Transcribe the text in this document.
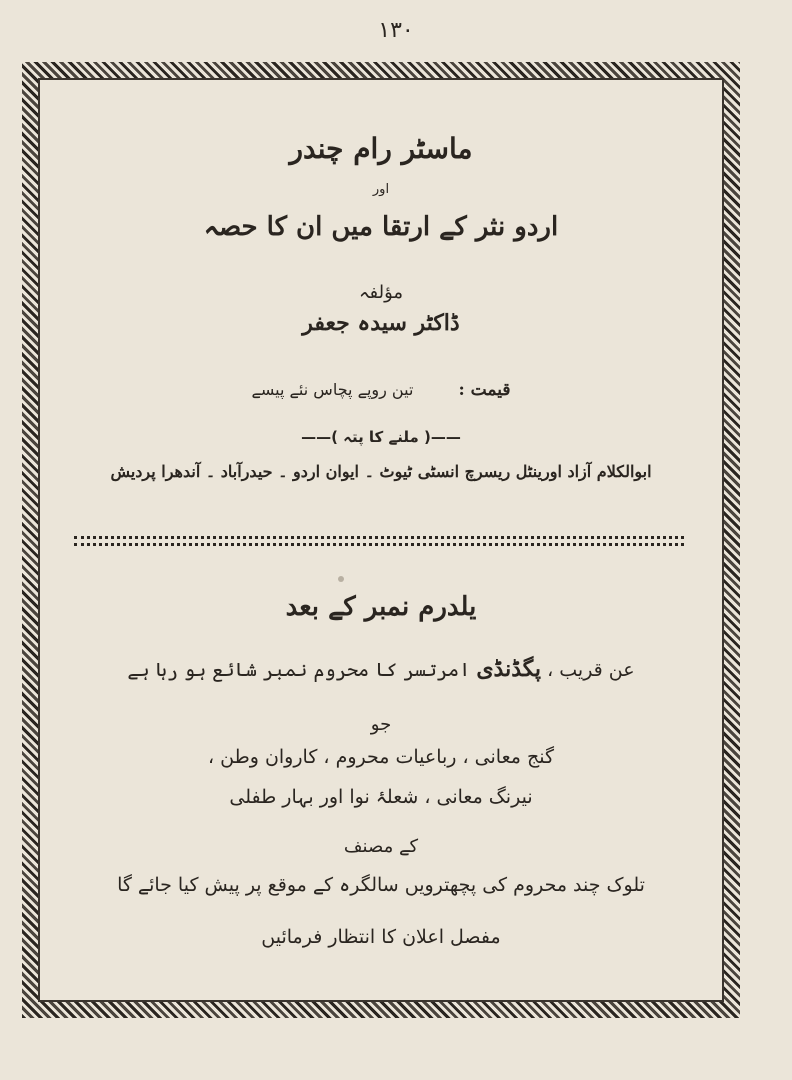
۱۳۰
ماسٹر رام چندر
اور
اردو نثر کے ارتقا میں ان کا حصہ
مؤلفہ
ڈاکٹر سیدہ جعفر
قیمت : تین روپے پچاس نئے پیسے
——( ملنے کا پتہ )——
ابوالکلام آزاد اورینٹل ریسرچ انسٹی ٹیوٹ ۔ ایوان اردو ۔ حیدرآباد ۔ آندھرا پردیش
یلدرم نمبر کے بعد
عن قریب ، پگڈنڈی امرتسر کا محروم نمبر شائع ہو رہا ہے
جو
گنج معانی ، رباعیات محروم ، کاروان وطن ،
نیرنگ معانی ، شعلۂ نوا اور بہار طفلی
کے مصنف
تلوک چند محروم کی پچھترویں سالگرہ کے موقع پر پیش کیا جائے گا
مفصل اعلان کا انتظار فرمائیں
